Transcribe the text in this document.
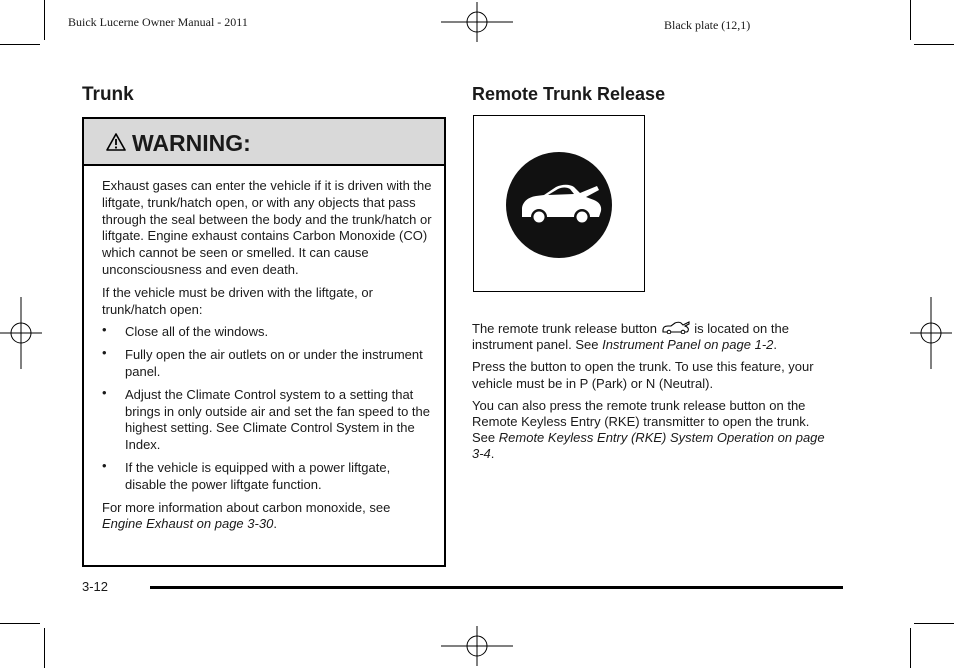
Buick Lucerne Owner Manual - 2011	Black plate (12,1)
Trunk
WARNING:

Exhaust gases can enter the vehicle if it is driven with the liftgate, trunk/hatch open, or with any objects that pass through the seal between the body and the trunk/hatch or liftgate. Engine exhaust contains Carbon Monoxide (CO) which cannot be seen or smelled. It can cause unconsciousness and even death.

If the vehicle must be driven with the liftgate, or trunk/hatch open:

• Close all of the windows.
• Fully open the air outlets on or under the instrument panel.
• Adjust the Climate Control system to a setting that brings in only outside air and set the fan speed to the highest setting. See Climate Control System in the Index.
• If the vehicle is equipped with a power liftgate, disable the power liftgate function.

For more information about carbon monoxide, see Engine Exhaust on page 3-30.

Remote Trunk Release

The remote trunk release button	is located on the instrument panel. See Instrument Panel on page 1-2.

Press the button to open the trunk. To use this feature, your vehicle must be in P (Park) or N (Neutral).

You can also press the remote trunk release button on the Remote Keyless Entry (RKE) transmitter to open the trunk. See Remote Keyless Entry (RKE) System Operation on page 3-4.

3-12
